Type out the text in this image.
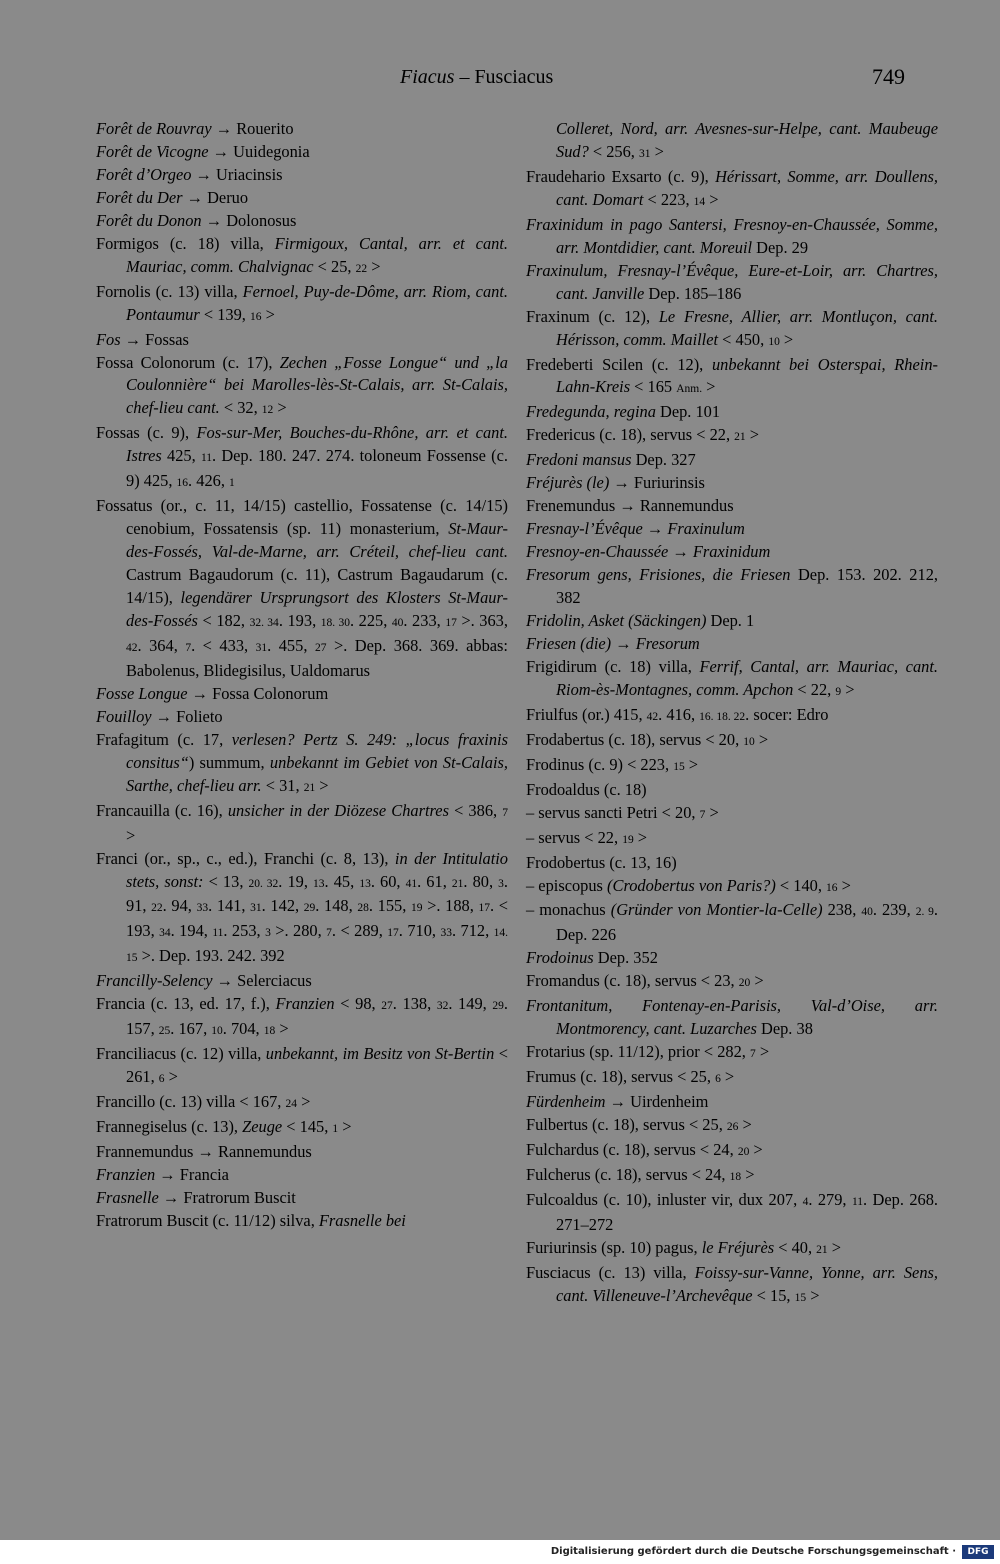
Fiacus – Fusciacus	749
Forêt de Rouvray → Rouerito
Forêt de Vicogne → Uuidegonia
Forêt d’Orgeo → Uriacinsis
Forêt du Der → Deruo
Forêt du Donon → Dolonosus
Formigos (c. 18) villa, Firmigoux, Cantal, arr. et cant. Mauriac, comm. Chalvignac < 25, 22 >
Fornolis (c. 13) villa, Fernoel, Puy-de-Dôme, arr. Riom, cant. Pontaumur < 139, 16 >
Fos → Fossas
Fossa Colonorum (c. 17), Zechen „Fosse Longue“ und „la Coulonnière“ bei Marolles-lès-St-Calais, arr. St-Calais, chef-lieu cant. < 32, 12 >
Fossas (c. 9), Fos-sur-Mer, Bouches-du-Rhône, arr. et cant. Istres 425, 11. Dep. 180. 247. 274. toloneum Fossense (c. 9) 425, 16. 426, 1
Fossatus (or., c. 11, 14/15) castellio, Fossatense (c. 14/15) cenobium, Fossatensis (sp. 11) monasterium, St-Maur-des-Fossés, Val-de-Marne, arr. Créteil, chef-lieu cant. Castrum Bagaudorum (c. 11), Castrum Bagaudarum (c. 14/15), legendärer Ursprungsort des Klosters St-Maur-des-Fossés < 182, 32. 34. 193, 18. 30. 225, 40. 233, 17 >. 363, 42. 364, 7. < 433, 31. 455, 27 >. Dep. 368. 369. abbas: Babolenus, Blidegisilus, Ualdomarus
Fosse Longue → Fossa Colonorum
Fouilloy → Folieto
Frafagitum (c. 17, verlesen? Pertz S. 249: „locus fraxinis consitus“) summum, unbekannt im Gebiet von St-Calais, Sarthe, chef-lieu arr. < 31, 21 >
Francauilla (c. 16), unsicher in der Diözese Chartres < 386, 7 >
Franci (or., sp., c., ed.), Franchi (c. 8, 13), in der Intitulatio stets, sonst: < 13, 20. 32. 19, 13. 45, 13. 60, 41. 61, 21. 80, 3. 91, 22. 94, 33. 141, 31. 142, 29. 148, 28. 155, 19 >. 188, 17. < 193, 34. 194, 11. 253, 3 >. 280, 7. < 289, 17. 710, 33. 712, 14. 15 >. Dep. 193. 242. 392
Francilly-Selency → Selerciacus
Francia (c. 13, ed. 17, f.), Franzien < 98, 27. 138, 32. 149, 29. 157, 25. 167, 10. 704, 18 >
Franciliacus (c. 12) villa, unbekannt, im Besitz von St-Bertin < 261, 6 >
Francillo (c. 13) villa < 167, 24 >
Frannegiselus (c. 13), Zeuge < 145, 1 >
Frannemundus → Rannemundus
Franzien → Francia
Frasnelle → Fratrorum Buscit
Fratrorum Buscit (c. 11/12) silva, Frasnelle bei
Colleret, Nord, arr. Avesnes-sur-Helpe, cant. Maubeuge Sud? < 256, 31 >
Fraudehario Exsarto (c. 9), Hérissart, Somme, arr. Doullens, cant. Domart < 223, 14 >
Fraxinidum in pago Santersi, Fresnoy-en-Chaussée, Somme, arr. Montdidier, cant. Moreuil Dep. 29
Fraxinulum, Fresnay-l’Évêque, Eure-et-Loir, arr. Chartres, cant. Janville Dep. 185–186
Fraxinum (c. 12), Le Fresne, Allier, arr. Montluçon, cant. Hérisson, comm. Maillet < 450, 10 >
Fredeberti Scilen (c. 12), unbekannt bei Osterspai, Rhein-Lahn-Kreis < 165 Anm. >
Fredegunda, regina Dep. 101
Fredericus (c. 18), servus < 22, 21 >
Fredoni mansus Dep. 327
Fréjurès (le) → Furiurinsis
Frenemundus → Rannemundus
Fresnay-l’Évêque → Fraxinulum
Fresnoy-en-Chaussée → Fraxinidum
Fresorum gens, Frisiones, die Friesen Dep. 153. 202. 212, 382
Fridolin, Asket (Säckingen) Dep. 1
Friesen (die) → Fresorum
Frigidirum (c. 18) villa, Ferrif, Cantal, arr. Mauriac, cant. Riom-ès-Montagnes, comm. Apchon < 22, 9 >
Friulfus (or.) 415, 42. 416, 16. 18. 22. socer: Edro
Frodabertus (c. 18), servus < 20, 10 >
Frodinus (c. 9) < 223, 15 >
Frodoaldus (c. 18)
– servus sancti Petri < 20, 7 >
– servus < 22, 19 >
Frodobertus (c. 13, 16)
– episcopus (Crodobertus von Paris?) < 140, 16 >
– monachus (Gründer von Montier-la-Celle) 238, 40. 239, 2. 9. Dep. 226
Frodoinus Dep. 352
Fromandus (c. 18), servus < 23, 20 >
Frontanitum, Fontenay-en-Parisis, Val-d’Oise, arr. Montmorency, cant. Luzarches Dep. 38
Frotarius (sp. 11/12), prior < 282, 7 >
Frumus (c. 18), servus < 25, 6 >
Fürdenheim → Uirdenheim
Fulbertus (c. 18), servus < 25, 26 >
Fulchardus (c. 18), servus < 24, 20 >
Fulcherus (c. 18), servus < 24, 18 >
Fulcoaldus (c. 10), inluster vir, dux 207, 4. 279, 11. Dep. 268. 271–272
Furiurinsis (sp. 10) pagus, le Fréjurès < 40, 21 >
Fusciacus (c. 13) villa, Foissy-sur-Vanne, Yonne, arr. Sens, cant. Villeneuve-l’Archevêque < 15, 15 >
Digitalisierung gefördert durch die Deutsche Forschungsgemeinschaft ·	DFG
